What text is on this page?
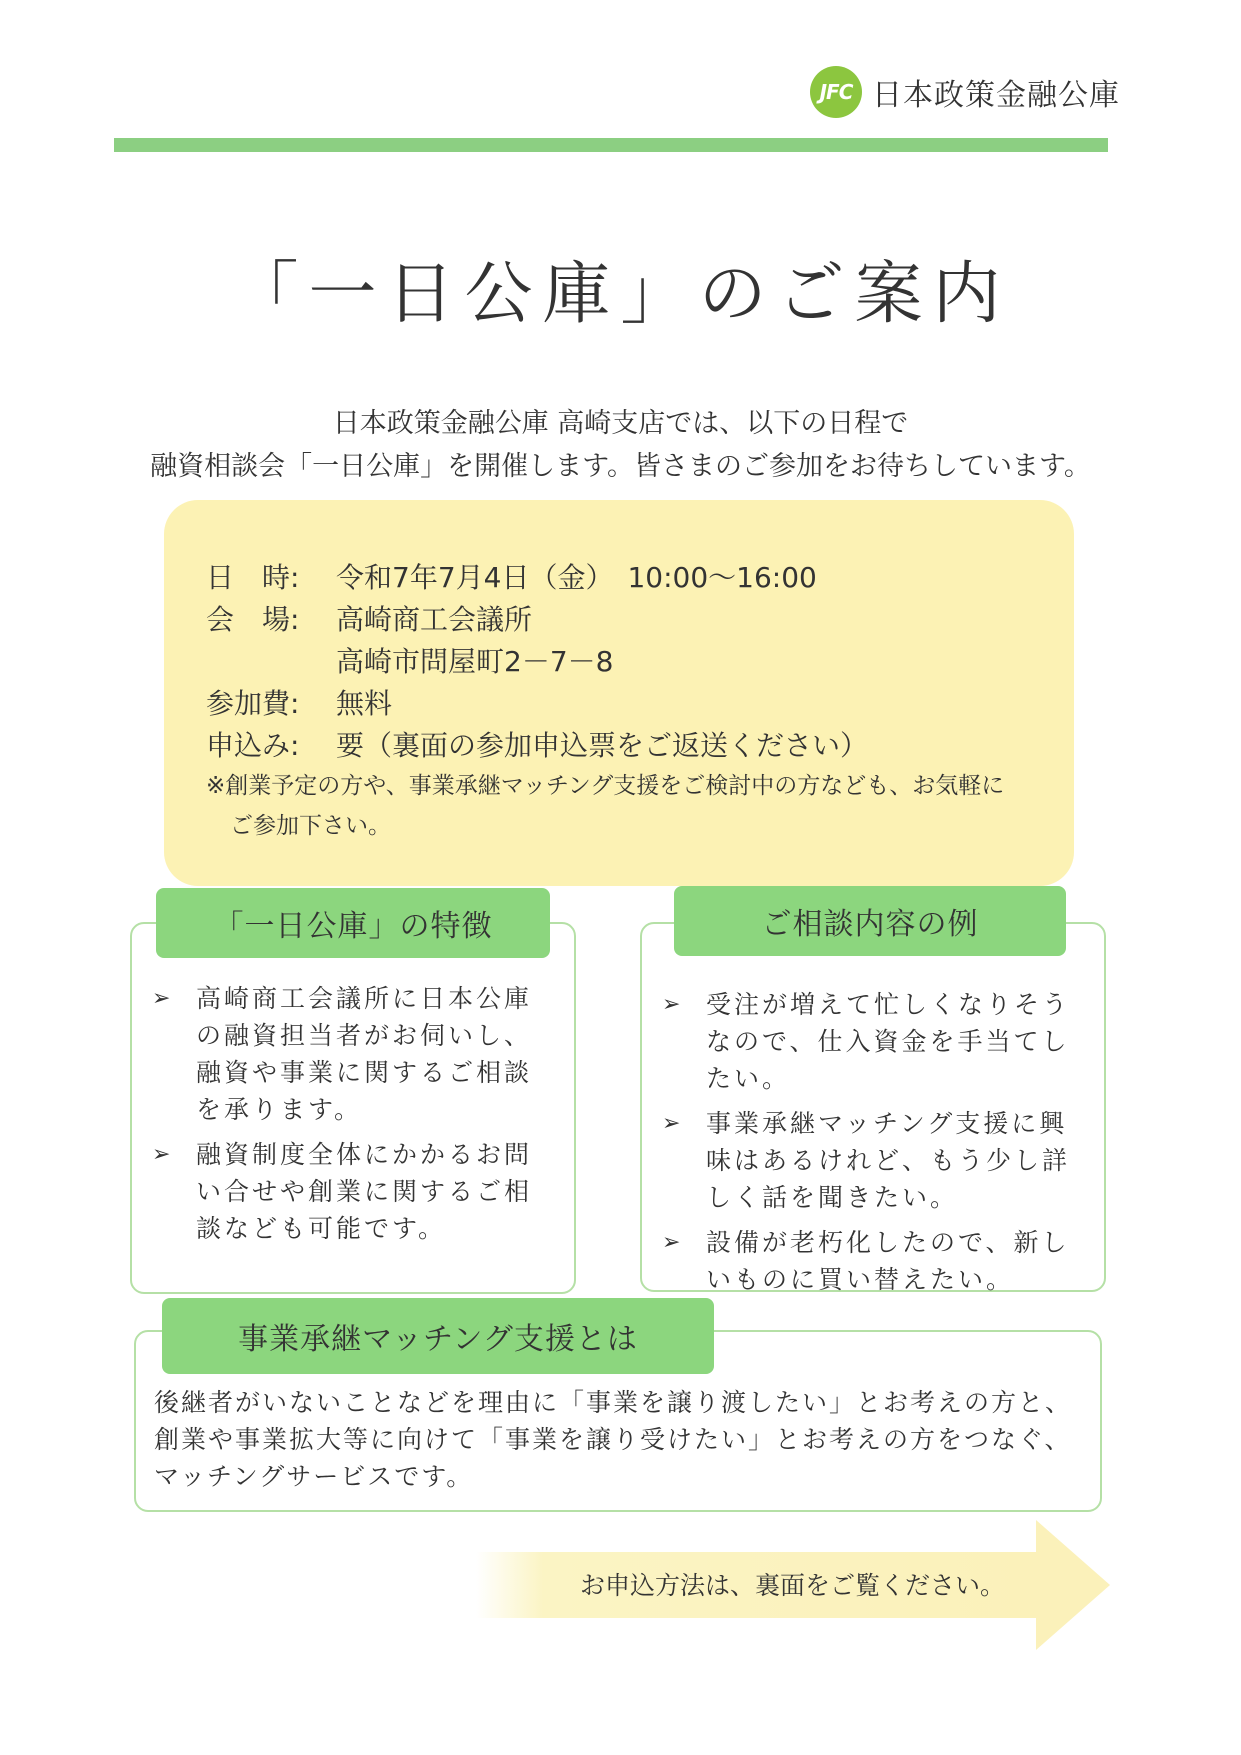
JFC 日本政策金融公庫
「一日公庫」のご案内
日本政策金融公庫 高崎支店では、以下の日程で
融資相談会「一日公庫」を開催します。皆さまのご参加をお待ちしています。
日　時: 令和7年7月4日（金）　10:00～16:00
会　場: 高崎商工会議所
高崎市問屋町2－7－8
参加費: 無料
申込み: 要（裏面の参加申込票をご返送ください）
※創業予定の方や、事業承継マッチング支援をご検討中の方なども、お気軽に
ご参加下さい。
➢ 高崎商工会議所に日本公庫の融資担当者がお伺いし、融資や事業に関するご相談を承ります。
➢ 融資制度全体にかかるお問い合せや創業に関するご相談なども可能です。
「一日公庫」の特徴
➢ 受注が増えて忙しくなりそうなので、仕入資金を手当てしたい。
➢ 事業承継マッチング支援に興味はあるけれど、もう少し詳しく話を聞きたい。
➢ 設備が老朽化したので、新しいものに買い替えたい。
ご相談内容の例
後継者がいないことなどを理由に「事業を譲り渡したい」とお考えの方と、創業や事業拡大等に向けて「事業を譲り受けたい」とお考えの方をつなぐ、マッチングサービスです。
事業承継マッチング支援とは
お申込方法は、裏面をご覧ください。
